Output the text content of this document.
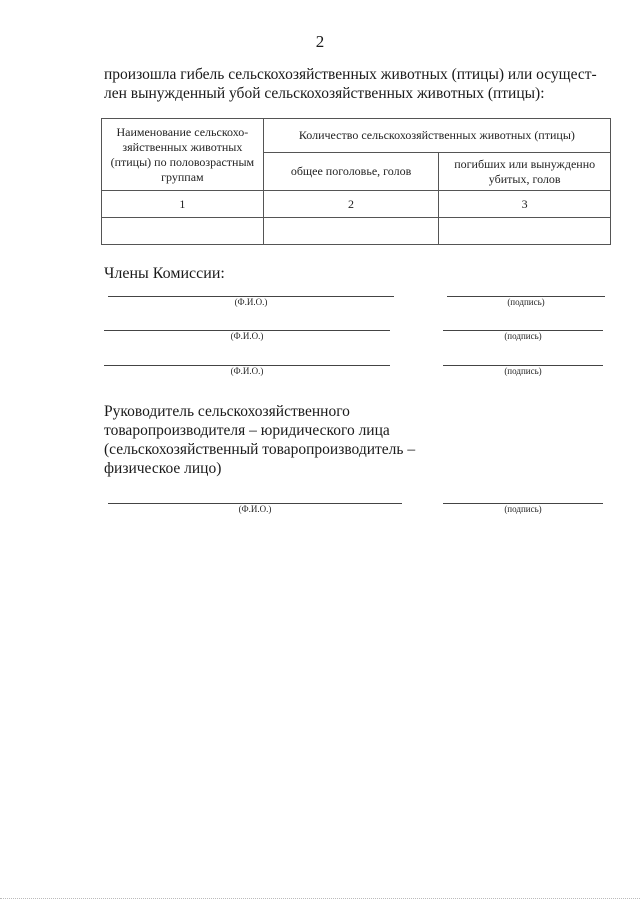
2
произошла гибель сельскохозяйственных животных (птицы) или осущест-
лен вынужденный убой сельскохозяйственных животных (птицы):
Наименование сельскохо-зяйственных животных (птицы) по половозрастным группам	Количество сельскохозяйственных животных (птицы)	
	общее поголовье, голов	погибших или вынужденно убитых, голов
1	2	3

Члены Комиссии:
(Ф.И.О.)	(подпись)
(Ф.И.О.)	(подпись)
(Ф.И.О.)	(подпись)
Руководитель сельскохозяйственного
товаропроизводителя – юридического лица
(сельскохозяйственный товаропроизводитель –
физическое лицо)
(Ф.И.О.)	(подпись)
